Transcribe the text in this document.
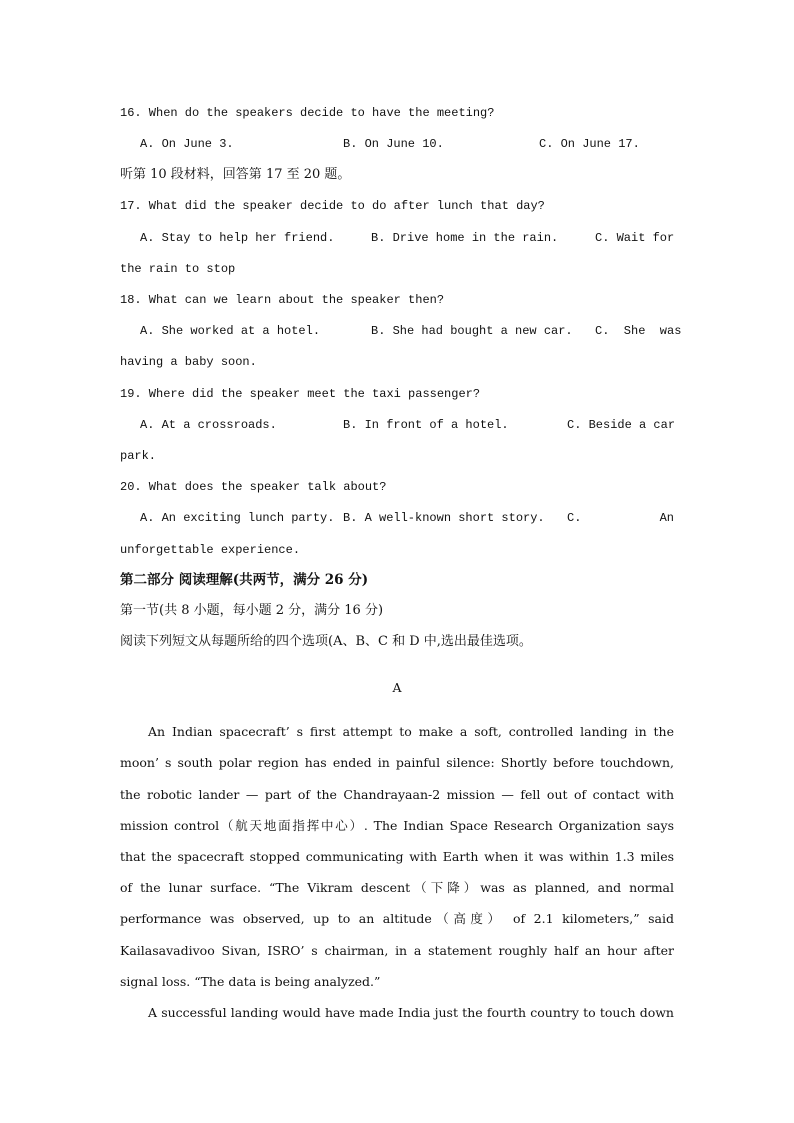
16. When do the speakers decide to have the meeting?
A. On June 3.	B. On June 10.	C. On June 17.
听第 10 段材料，回答第 17 至 20 题。
17. What did the speaker decide to do after lunch that day?
A. Stay to help her friend.	B. Drive home in the rain.	C. Wait for
the rain to stop
18. What can we learn about the speaker then?
A. She worked at a hotel.	B. She had bought a new car. C.  She  was
having a baby soon.
19. Where did the speaker meet the taxi passenger?
A. At a crossroads.	B. In front of a hotel.	C. Beside a car
park.
20. What does the speaker talk about?
A. An exciting lunch party. B. A well-known short story. C.	An
unforgettable experience.
第二部分 阅读理解(共两节，满分 26 分)
第一节(共 8 小题，每小题 2 分，满分 16 分)
阅读下列短文从每题所给的四个选项(A、B、C 和 D 中,选出最佳选项。
A
An Indian spacecraft’ s first attempt to make a soft, controlled landing in the
moon’ s south polar region has ended in painful silence: Shortly before touchdown,
the robotic lander — part of the Chandrayaan-2 mission — fell out of contact with
mission control（航天地面指挥中心）. The Indian Space Research Organization says
that the spacecraft stopped communicating with Earth when it was within 1.3 miles
of the lunar surface. “The Vikram descent（下降）was as planned, and normal
performance was observed, up to an altitude（高度） of 2.1 kilometers,” said
Kailasavadivoo Sivan, ISRO’ s chairman, in a statement roughly half an hour after
signal loss. “The data is being analyzed.”
A successful landing would have made India just the fourth country to touch down
